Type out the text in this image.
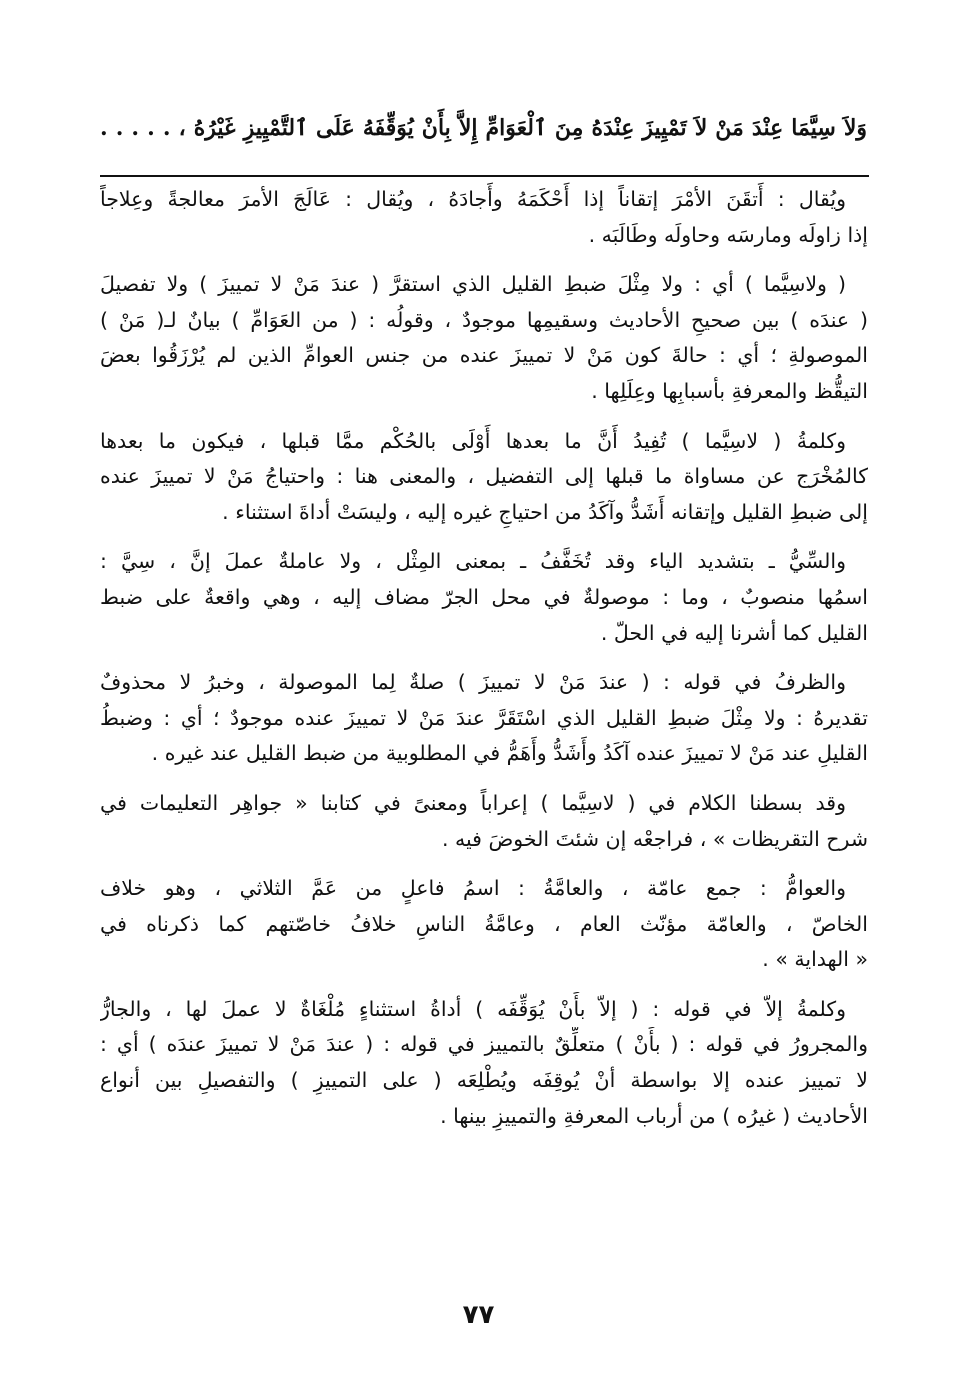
وَلاَ سِيَّمَا عِنْدَ مَنْ لاَ تَمْيِيزَ عِنْدَهُ مِنَ ٱلْعَوَامِّ إِلاَّ بِأَنْ يُوَقِّفَهُ عَلَى ٱلتَّمْيِيزِ غَيْرُهُ ، . . . . .
ويُقال : أَتقَنَ الأمْرَ إتقاناً إذا أَحْكَمَهُ وأَجادَهُ ، ويُقال : عَالَجَ الأمرَ معالجةً وعِلاجاً
إذا زاولَه ومارسَه وحاولَه وطَالَبَه .
( ولاسِيَّما ) أي : ولا مِثْلَ ضبطِ القليل الذي استقرَّ ( عندَ مَنْ لا تمييزَ ) ولا تفصيلَ
( عندَه ) بين صحيحِ الأحاديث وسقيمِها موجودٌ ، وقولُه : ( من العَوَامِّ ) بيانٌ لـ( مَنْ )
الموصولةِ ؛ أي : حالةَ كون مَنْ لا تمييزَ عنده من جنس العوامِّ الذين لم يُرْزَقُوا بعضَ
التيقُّظ والمعرفةِ بأسبابِها وعِلَلِها .
وكلمةُ ( لاسِيَّما ) تُفِيدُ أَنَّ ما بعدها أَوْلَى بالحُكْم ممَّا قبلها ، فيكون ما بعدها
كالمُخْرَج عن مساواة ما قبلها إلى التفضيل ، والمعنى هنا : واحتياجُ مَنْ لا تمييزَ عنده
إلى ضبطِ القليل وإتقانه أَشَدُّ وآكَدُ من احتياجِ غيره إليه ، وليسَتْ أداةَ استثناء .
والسِّيُّ ـ بتشديد الياء وقد تُخَفَّفُ ـ بمعنى المِثْل ، ولا عاملةٌ عملَ إنَّ ، سِيَّ :
اسمُها منصوبٌ ، وما : موصولةٌ في محل الجرّ مضاف إليه ، وهي واقعةٌ على ضبط
القليل كما أشرنا إليه في الحلّ .
والظرفُ في قوله : ( عندَ مَنْ لا تمييزَ ) صلةٌ لِما الموصولة ، وخبرُ لا محذوفٌ
تقديرهُ : ولا مِثْلَ ضبطِ القليل الذي اسْتَقَرَّ عندَ مَنْ لا تمييزَ عنده موجودٌ ؛ أي : وضبطُ
القليلِ عند مَنْ لا تمييزَ عنده آكَدُ وأَشَدُّ وأَهَمُّ في المطلوبية من ضبط القليل عند غيره .
وقد بسطنا الكلام في ( لاسِيَّما ) إعراباً ومعنىً في كتابنا « جواهِر التعليمات في
شرح التقريظات » ، فراجعْه إن شئتَ الخوضَ فيه .
والعوامُّ : جمع عامّة ، والعامَّةُ : اسمُ فاعلٍ من عَمَّ الثلاثي ، وهو خلاف
الخاصّ ، والعامّة مؤنّث العام ، وعامَّةُ الناسِ خلافُ خاصّتهم كما ذكرناه في
« الهداية » .
وكلمةُ إلاّ في قوله : ( إلاّ بأَنْ يُوَقِّفَه ) أداةُ استثناءٍ مُلْغَاةٌ لا عملَ لها ، والجارُّ
والمجرورُ في قوله : ( بأَنْ ) متعلِّقٌ بالتمييز في قوله : ( عندَ مَنْ لا تمييزَ عندَه ) أي :
لا تمييز عنده إلا بواسطة أنْ يُوقِفَه ويُطْلِعَه ( على التمييزِ ) والتفصيلِ بين أنواع
الأحاديث ( غيرُه ) من أرباب المعرفةِ والتمييزِ بينها .
٧٧
